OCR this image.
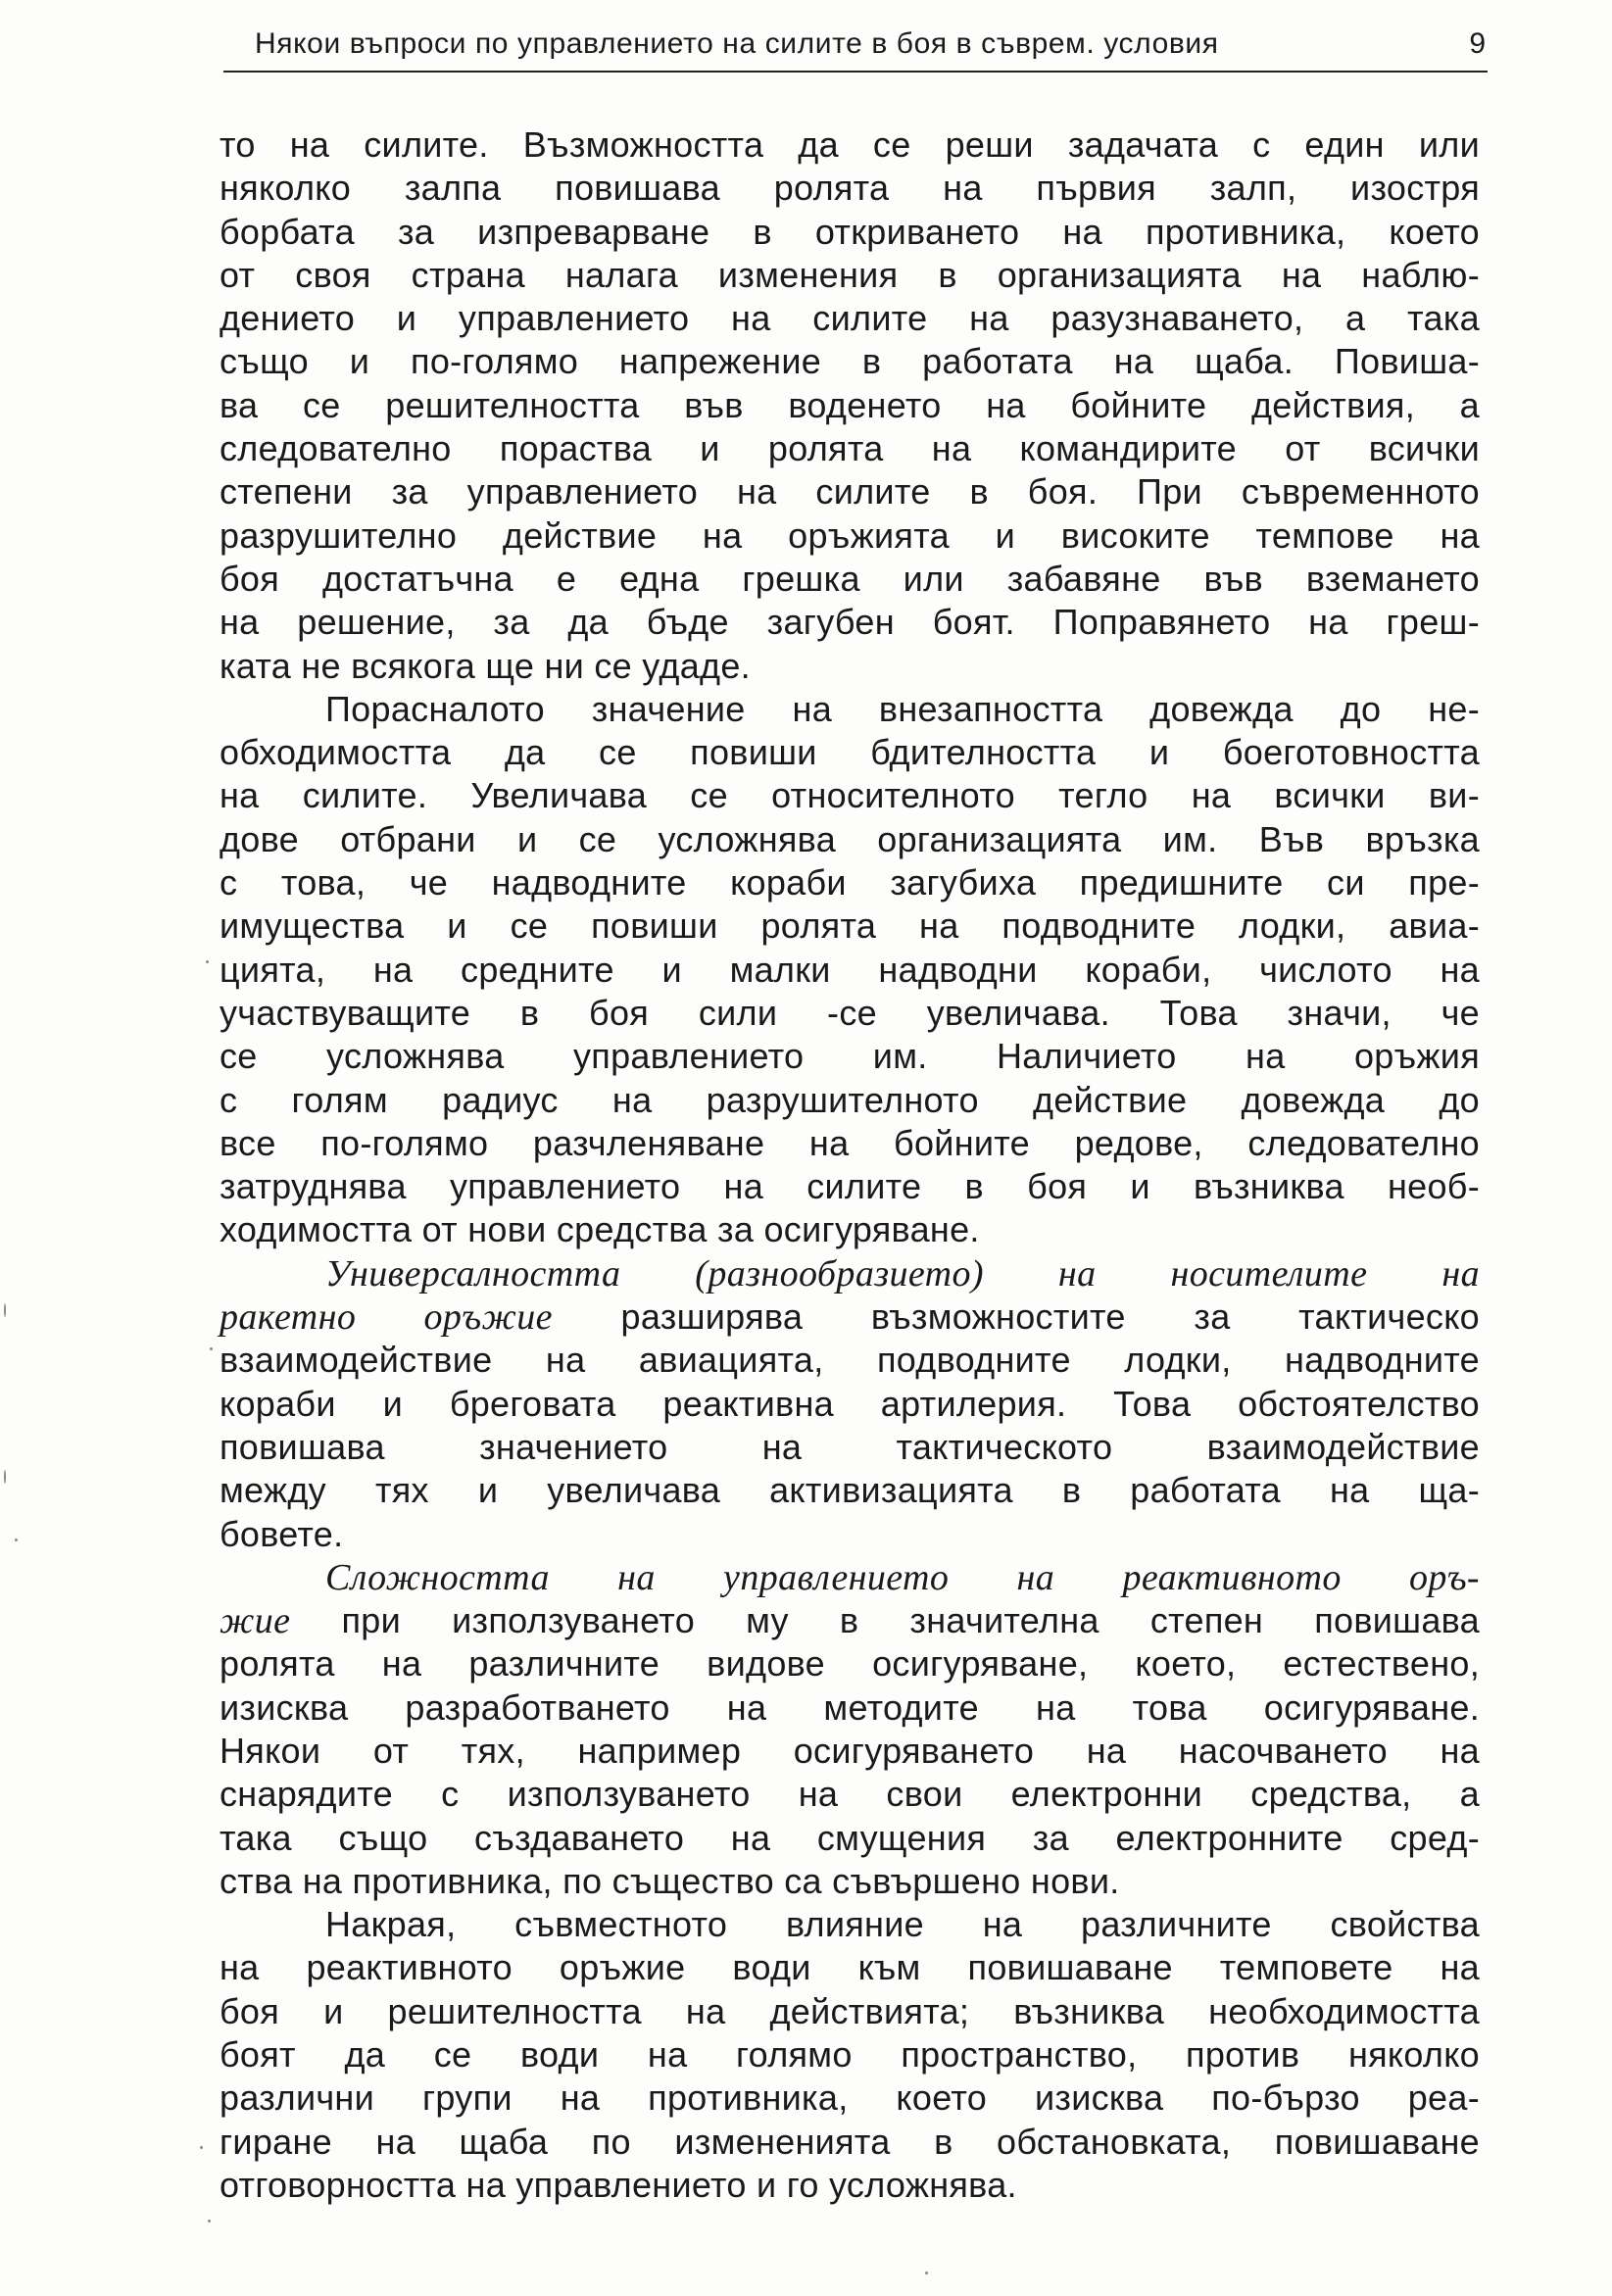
Някои въпроси по управлението на силите в боя в съврем. условия	9
то на силите. Възможността да се реши задачата с един или
няколко залпа повишава ролята на първия залп, изостря
борбата за изпреварване в откриването на противника, което
от своя страна налага изменения в организацията на наблю-
дението и управлението на силите на разузнаването, а така
също и по-голямо напрежение в работата на щаба. Повиша-
ва се решителността във воденето на бойните действия, а
следователно пораства и ролята на командирите от всички
степени за управлението на силите в боя. При съвременното
разрушително действие на оръжията и високите темпове на
боя достатъчна е една грешка или забавяне във вземането
на решение, за да бъде загубен боят. Поправянето на греш-
ката не всякога ще ни се удаде.
Порасналото значение на внезапността довежда до не-
обходимостта да се повиши бдителността и боеготовността
на силите. Увеличава се относителното тегло на всички ви-
дове отбрани и се усложнява организацията им. Във връзка
с това, че надводните кораби загубиха предишните си пре-
имущества и се повиши ролята на подводните лодки, авиа-
цията, на средните и малки надводни кораби, числото на
участвуващите в боя сили -се увеличава. Това значи, че
се усложнява управлението им. Наличието на оръжия
с голям радиус на разрушителното действие довежда до
все по-голямо разчленяване на бойните редове, следователно
затруднява управлението на силите в боя и възниква необ-
ходимостта от нови средства за осигуряване.
Универсалността (разнообразието) на носителите на
ракетно оръжие разширява възможностите за тактическо
взаимодействие на авиацията, подводните лодки, надводните
кораби и бреговата реактивна артилерия. Това обстоятелство
повишава значението на тактическото взаимодействие
между тях и увеличава активизацията в работата на ща-
бовете.
Сложността на управлението на реактивното оръ-
жие при използуването му в значителна степен повишава
ролята на различните видове осигуряване, което, естествено,
изисква разработването на методите на това осигуряване.
Някои от тях, например осигуряването на насочването на
снарядите с използуването на свои електронни средства, а
така също създаването на смущения за електронните сред-
ства на противника, по същество са съвършено нови.
Накрая, съвместното влияние на различните свойства
на реактивното оръжие води към повишаване темповете на
боя и решителността на действията; възниква необходимостта
боят да се води на голямо пространство, против няколко
различни групи на противника, което изисква по-бързо реа-
гиране на щаба по измененията в обстановката, повишаване
отговорността на управлението и го усложнява.
